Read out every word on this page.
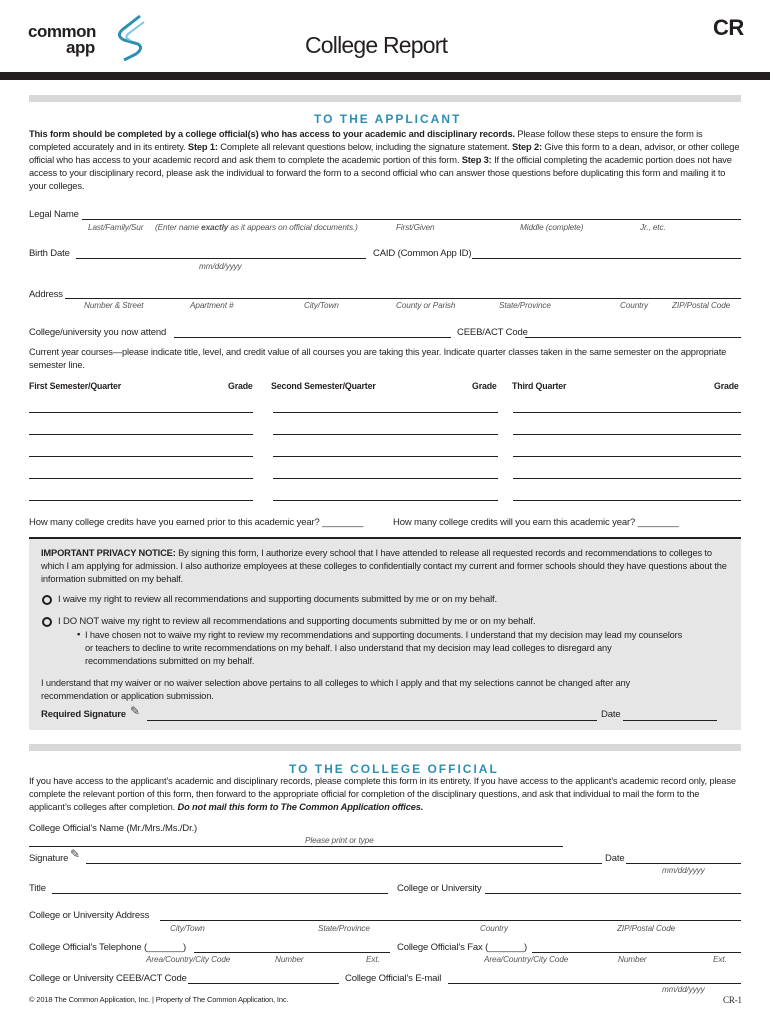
common
app	College Report
CR
TO THE APPLICANT
This form should be completed by a college official(s) who has access to your academic and disciplinary records. Please follow these steps to ensure the form is completed accurately and in its entirety. Step 1: Complete all relevant questions below, including the signature statement. Step 2: Give this form to a dean, advisor, or other college official who has access to your academic record and ask them to complete the academic portion of this form. Step 3: If the official completing the academic portion does not have access to your disciplinary record, please ask the individual to forward the form to a second official who can answer those questions before duplicating this form and mailing it to your colleges.
Legal Name
Last/Family/Sur (Enter name exactly as it appears on official documents.)	First/Given	Middle (complete)	Jr., etc.
Birth Date
mm/dd/yyyy
CAID (Common App ID)
Address
Number & Street	Apartment #	City/Town	County or Parish	State/Province	Country	ZIP/Postal Code
College/university you now attend	CEEB/ACT Code
Current year courses—please indicate title, level, and credit value of all courses you are taking this year. Indicate quarter classes taken in the same semester on the appropriate semester line.
First Semester/Quarter	Grade Second Semester/Quarter	Grade Third Quarter	Grade
How many college credits have you earned prior to this academic year? ________	How many college credits will you earn this academic year? ________
IMPORTANT PRIVACY NOTICE: By signing this form, I authorize every school that I have attended to release all requested records and recommendations to colleges to which I am applying for admission. I also authorize employees at these colleges to confidentially contact my current and former schools should they have questions about the information submitted on my behalf.
I waive my right to review all recommendations and supporting documents submitted by me or on my behalf.
I DO NOT waive my right to review all recommendations and supporting documents submitted by me or on my behalf.
• I have chosen not to waive my right to review my recommendations and supporting documents. I understand that my decision may lead my counselors or teachers to decline to write recommendations on my behalf. I also understand that my decision may lead colleges to disregard any recommendations submitted on my behalf.
I understand that my waiver or no waiver selection above pertains to all colleges to which I apply and that my selections cannot be changed after any recommendation or application submission.
Required Signature ✎	Date
TO THE COLLEGE OFFICIAL
If you have access to the applicant’s academic and disciplinary records, please complete this form in its entirety. If you have access to the applicant’s academic record only, please complete the relevant portion of this form, then forward to the appropriate official for completion of the disciplinary questions, and ask that individual to mail the form to the applicant’s colleges after completion. Do not mail this form to The Common Application offices.
College Official’s Name (Mr./Mrs./Ms./Dr.)
Please print or type
Signature ✎	Date
mm/dd/yyyy
Title	College or University
College or University Address
City/Town	State/Province	Country	ZIP/Postal Code
College Official’s Telephone (_______)	College Official’s Fax (_______)
Area/Country/City Code	Number	Ext.	Area/Country/City Code	Number	Ext.
College or University CEEB/ACT Code	College Official’s E-mail
mm/dd/yyyy
© 2018 The Common Application, Inc. | Property of The Common Application, Inc.	CR-1
